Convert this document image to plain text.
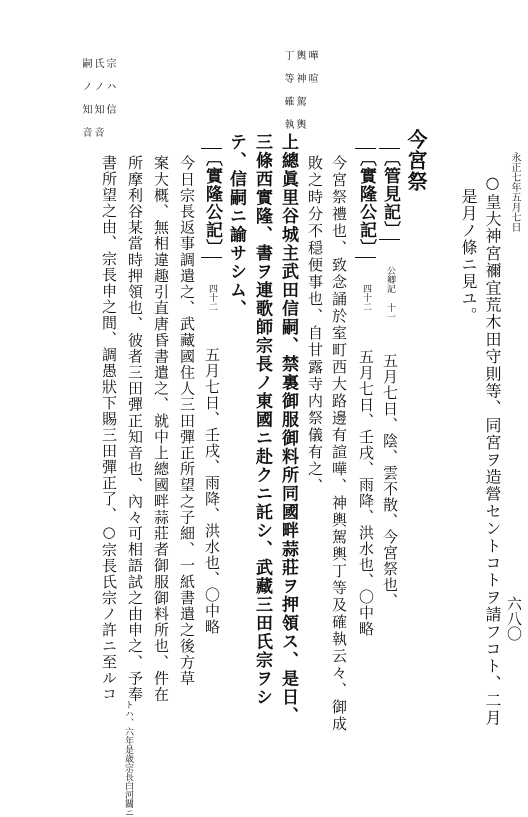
六八〇
永正七年五月七日
嘩 喧
輿 神 駕 輿
丁 等 確 執
宗 ハ 信
氏 ノ 知 音
嗣 ノ 知 音
○皇大神宮禰宜荒木田守則等、同宮ヲ造營セントコトヲ請フコト、二月
是月ノ條ニ見ユ。
今宮祭
〔管見記〕 公卿記 十一 五月七日、陰、雲不散、今宮祭也、
〔實隆公記〕 四十二 五月七日、壬戌、雨降、洪水也、〇中略
今宮祭禮也、致念誦於室町西大路邊有諠嘩、神輿駕輿丁等及確執云々、御成
敗之時分不穏便事也、自甘露寺内祭儀有之、
上總眞里谷城主武田信嗣、禁裏御服御料所同國畔蒜莊ヲ押領ス、是日、
三條西實隆、書ヲ連歌師宗長ノ東國ニ赴クニ託シ、武藏三田氏宗ヲシ
テ、信嗣ニ諭サシム、
〔實隆公記〕 四十二 五月七日、壬戌、雨降、洪水也、〇中略
今日宗長返事調遣之、武藏國住人三田彈正所望之子細、一紙書遣之後方草
案大概、無相違趣引直唐昏書遣之、就中上總國畔蒜莊者御服御料所也、件在
所摩利谷某當時押領也、彼者三田彈正知音也、內々可相語試之由申之、予奉
書所望之由、宗長申之間、調愚狀下賜三田彈正了、○宗長氏宗ノ許ニ至ルコ
トハ、六年是歳宗長白河關ニ
